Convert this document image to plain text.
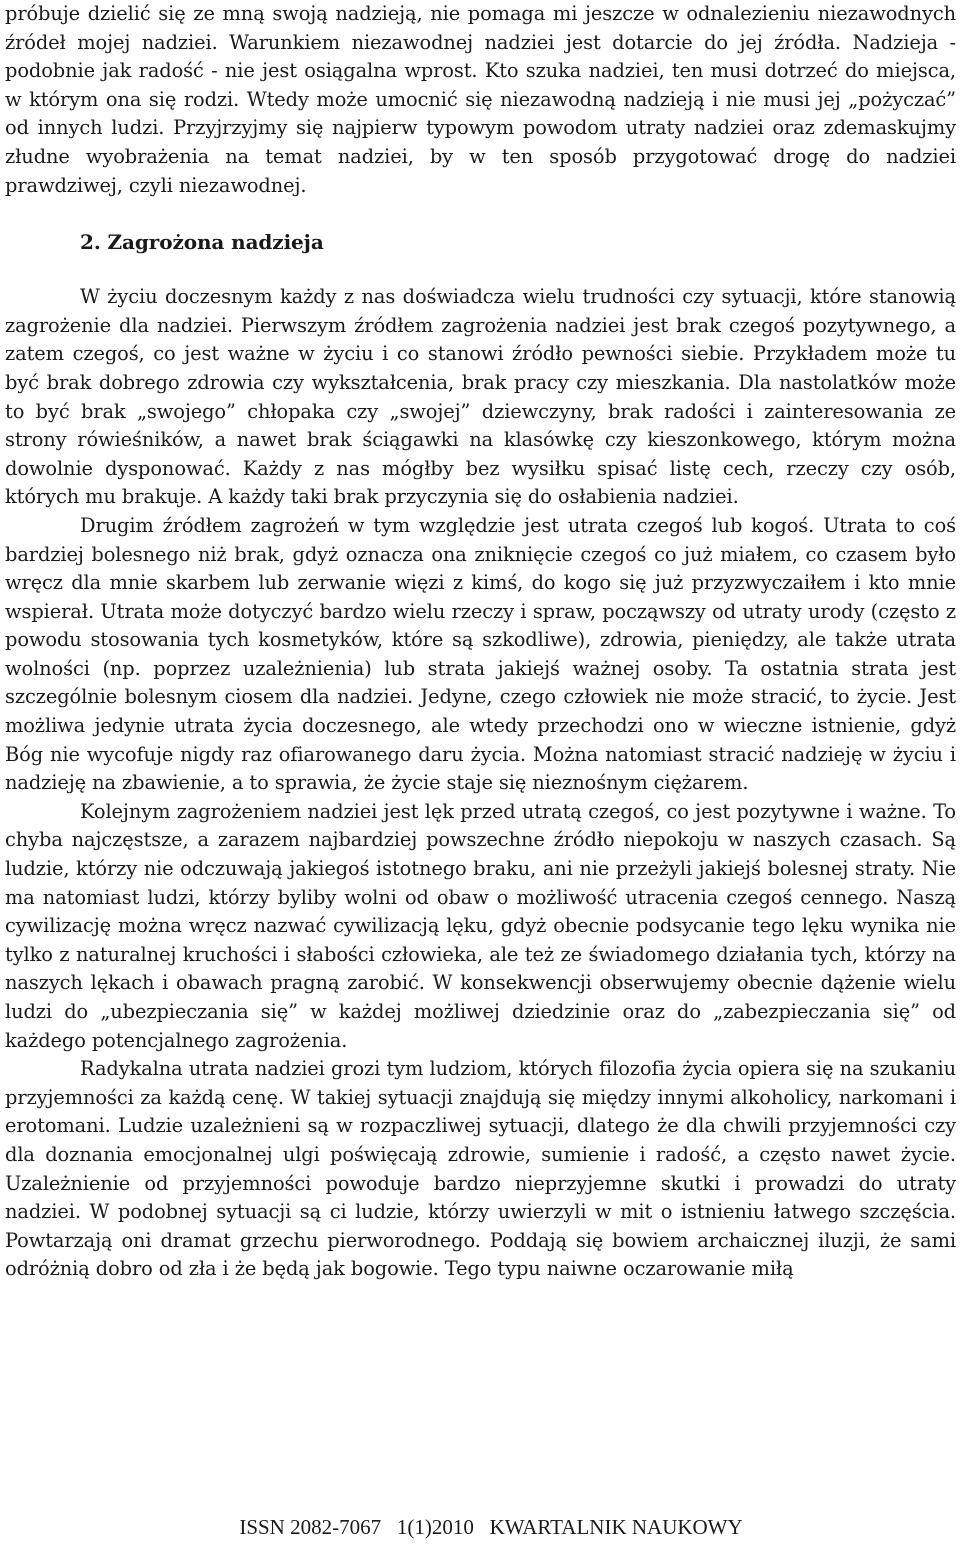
próbuje dzielić się ze mną swoją nadzieją, nie pomaga mi jeszcze w odnalezieniu niezawodnych źródeł mojej nadziei. Warunkiem niezawodnej nadziei jest dotarcie do jej źródła. Nadzieja - podobnie jak radość - nie jest osiągalna wprost. Kto szuka nadziei, ten musi dotrzeć do miejsca, w którym ona się rodzi. Wtedy może umocnić się niezawodną nadzieją i nie musi jej „pożyczać” od innych ludzi. Przyjrzyjmy się najpierw typowym powodom utraty nadziei oraz zdemaskujmy złudne wyobrażenia na temat nadziei, by w ten sposób przygotować drogę do nadziei prawdziwej, czyli niezawodnej.

2. Zagrożona nadzieja

W życiu doczesnym każdy z nas doświadcza wielu trudności czy sytuacji, które stanowią zagrożenie dla nadziei. Pierwszym źródłem zagrożenia nadziei jest brak czegoś pozytywnego, a zatem czegoś, co jest ważne w życiu i co stanowi źródło pewności siebie. Przykładem może tu być brak dobrego zdrowia czy wykształcenia, brak pracy czy mieszkania. Dla nastolatków może to być brak „swojego” chłopaka czy „swojej” dziewczyny, brak radości i zainteresowania ze strony rówieśników, a nawet brak ściągawki na klasówkę czy kieszonkowego, którym można dowolnie dysponować. Każdy z nas mógłby bez wysiłku spisać listę cech, rzeczy czy osób, których mu brakuje. A każdy taki brak przyczynia się do osłabienia nadziei.

Drugim źródłem zagrożeń w tym względzie jest utrata czegoś lub kogoś. Utrata to coś bardziej bolesnego niż brak, gdyż oznacza ona zniknięcie czegoś co już miałem, co czasem było wręcz dla mnie skarbem lub zerwanie więzi z kimś, do kogo się już przyzwyczaiłem i kto mnie wspierał. Utrata może dotyczyć bardzo wielu rzeczy i spraw, począwszy od utraty urody (często z powodu stosowania tych kosmetyków, które są szkodliwe), zdrowia, pieniędzy, ale także utrata wolności (np. poprzez uzależnienia) lub strata jakiejś ważnej osoby. Ta ostatnia strata jest szczególnie bolesnym ciosem dla nadziei. Jedyne, czego człowiek nie może stracić, to życie. Jest możliwa jedynie utrata życia doczesnego, ale wtedy przechodzi ono w wieczne istnienie, gdyż Bóg nie wycofuje nigdy raz ofiarowanego daru życia. Można natomiast stracić nadzieję w życiu i nadzieję na zbawienie, a to sprawia, że życie staje się nieznośnym ciężarem.

Kolejnym zagrożeniem nadziei jest lęk przed utratą czegoś, co jest pozytywne i ważne. To chyba najczęstsze, a zarazem najbardziej powszechne źródło niepokoju w naszych czasach. Są ludzie, którzy nie odczuwają jakiegoś istotnego braku, ani nie przeżyli jakiejś bolesnej straty. Nie ma natomiast ludzi, którzy byliby wolni od obaw o możliwość utracenia czegoś cennego. Naszą cywilizację można wręcz nazwać cywilizacją lęku, gdyż obecnie podsycanie tego lęku wynika nie tylko z naturalnej kruchości i słabości człowieka, ale też ze świadomego działania tych, którzy na naszych lękach i obawach pragną zarobić. W konsekwencji obserwujemy obecnie dążenie wielu ludzi do „ubezpieczania się” w każdej możliwej dziedzinie oraz do „zabezpieczania się” od każdego potencjalnego zagrożenia.

Radykalna utrata nadziei grozi tym ludziom, których filozofia życia opiera się na szukaniu przyjemności za każdą cenę. W takiej sytuacji znajdują się między innymi alkoholicy, narkomani i erotomani. Ludzie uzależnieni są w rozpaczliwej sytuacji, dlatego że dla chwili przyjemności czy dla doznania emocjonalnej ulgi poświęcają zdrowie, sumienie i radość, a często nawet życie. Uzależnienie od przyjemności powoduje bardzo nieprzyjemne skutki i prowadzi do utraty nadziei. W podobnej sytuacji są ci ludzie, którzy uwierzyli w mit o istnieniu łatwego szczęścia. Powtarzają oni dramat grzechu pierworodnego. Poddają się bowiem archaicznej iluzji, że sami odróżnią dobro od zła i że będą jak bogowie. Tego typu naiwne oczarowanie miłą

ISSN 2082-7067   1(1)2010   KWARTALNIK NAUKOWY
